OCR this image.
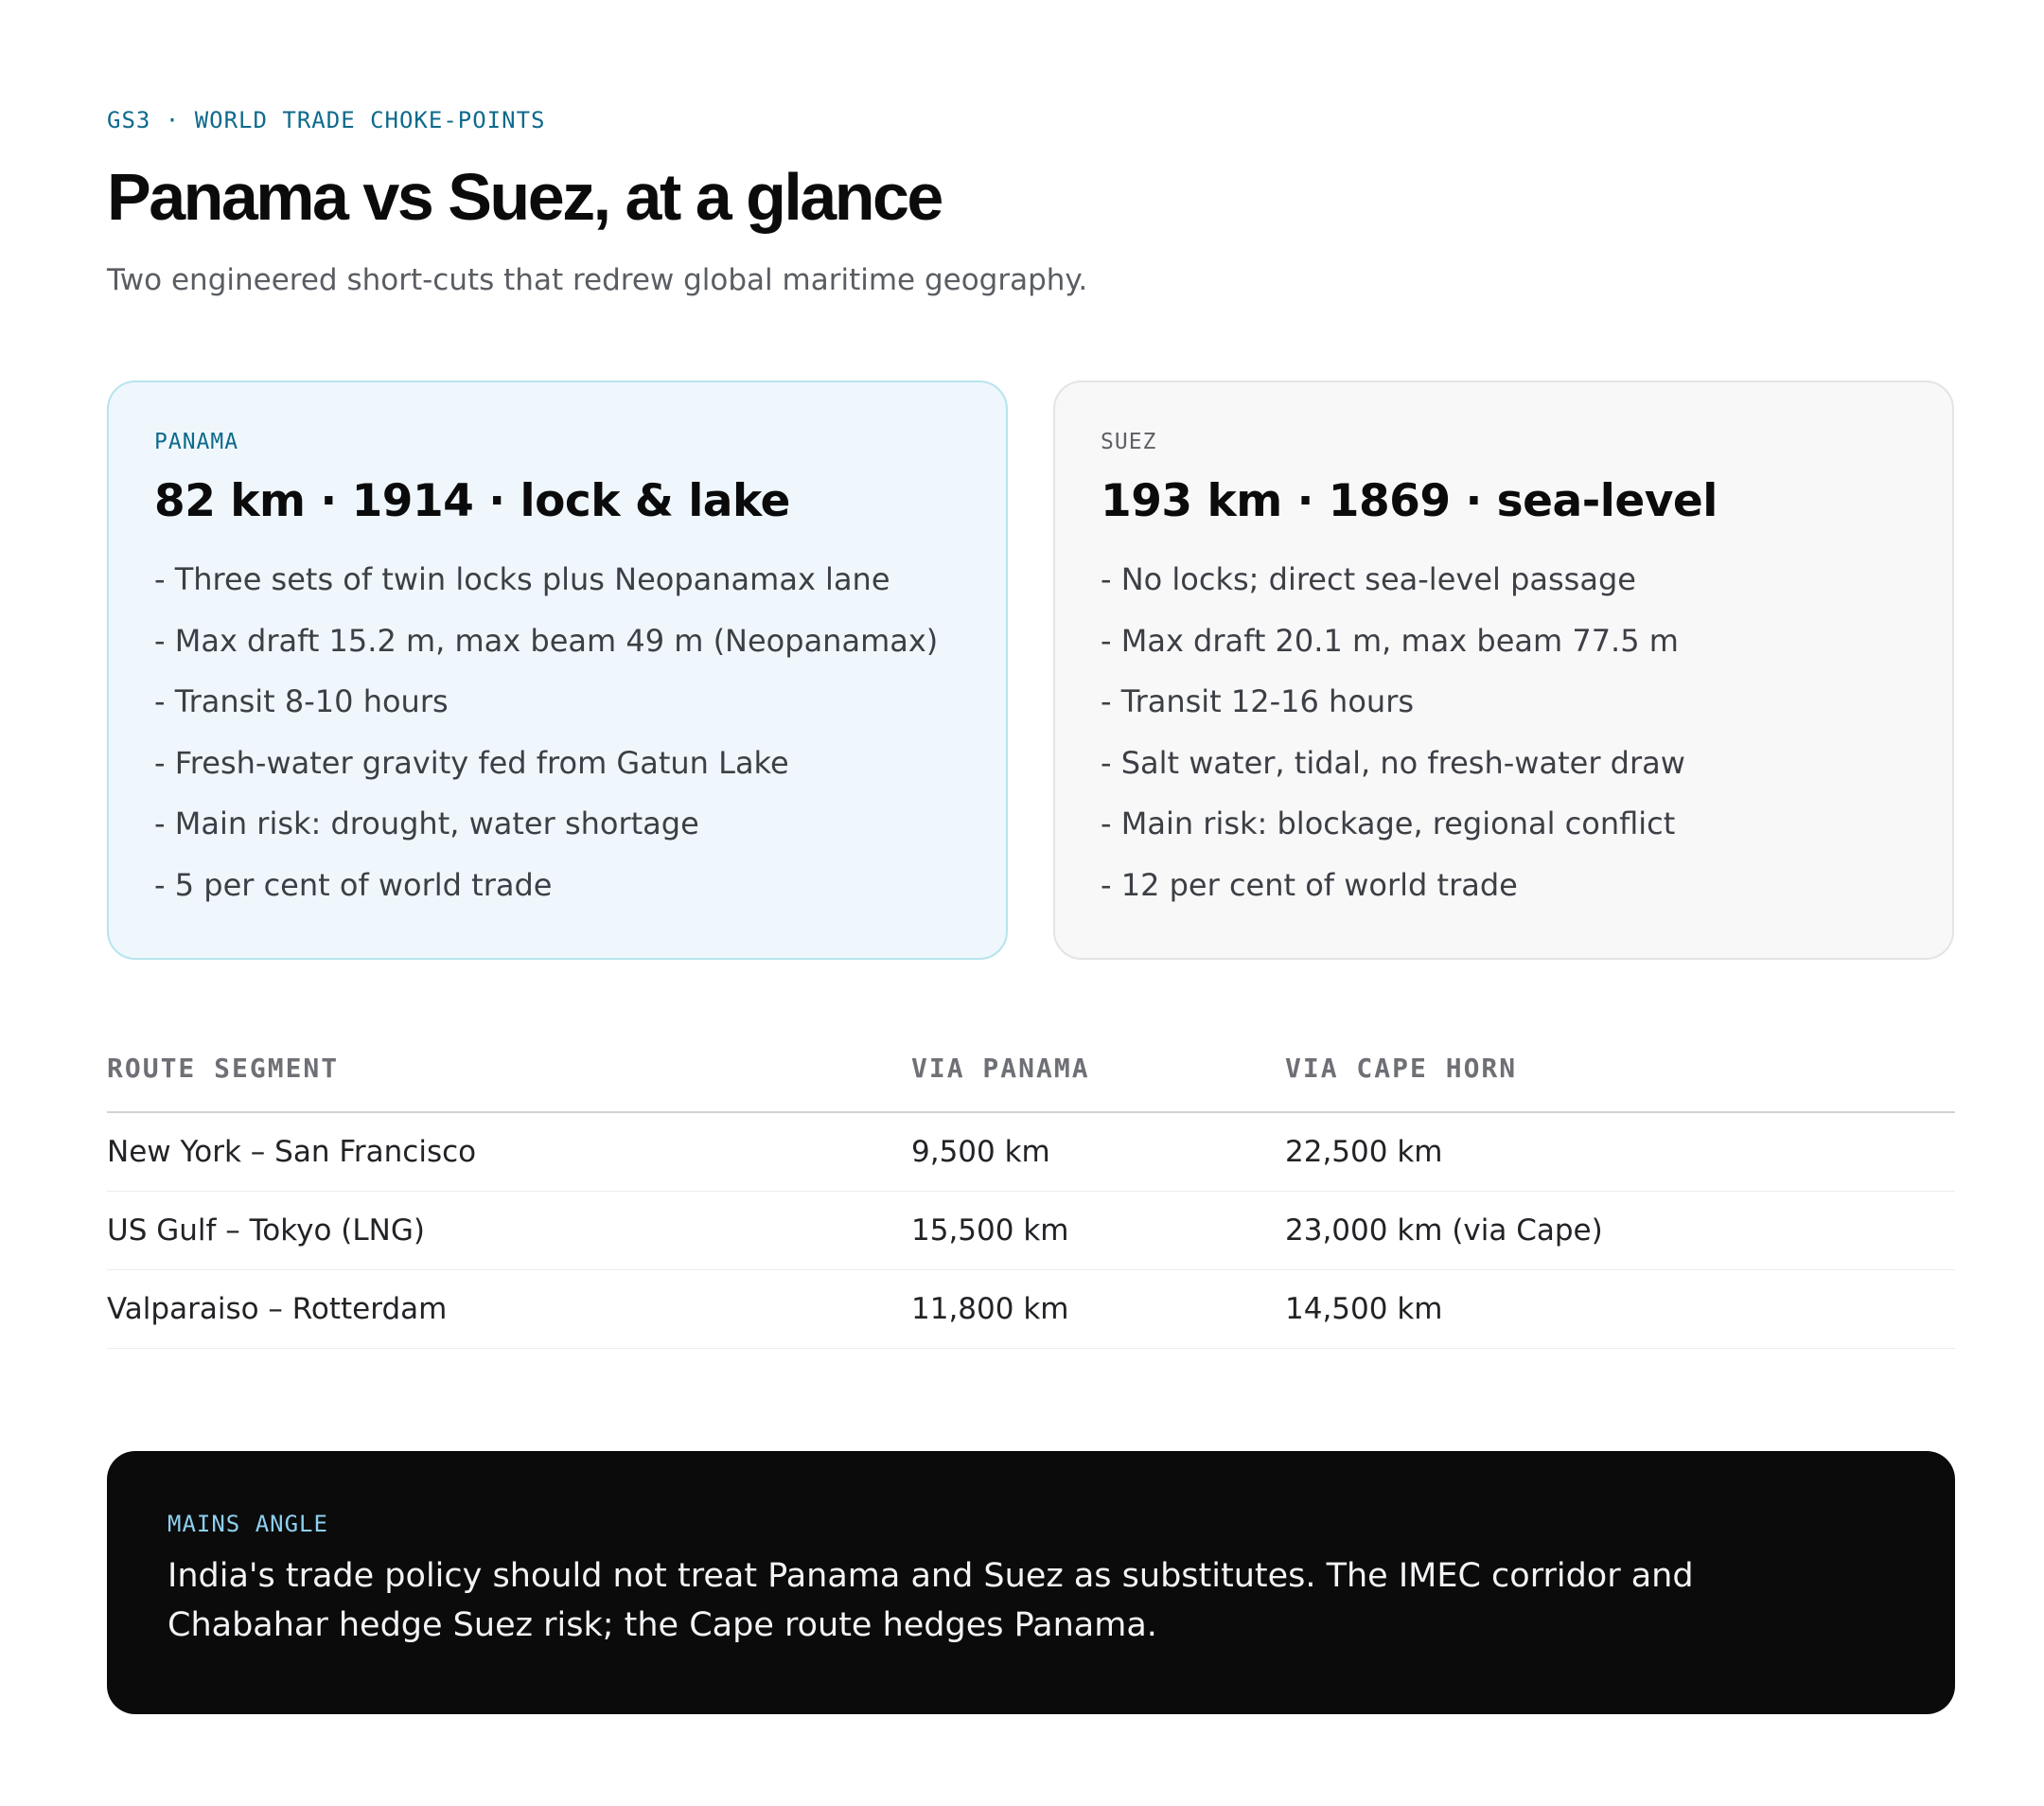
GS3 · WORLD TRADE CHOKE-POINTS
Panama vs Suez, at a glance
Two engineered short-cuts that redrew global maritime geography.
PANAMA
82 km · 1914 · lock & lake
- Three sets of twin locks plus Neopanamax lane
- Max draft 15.2 m, max beam 49 m (Neopanamax)
- Transit 8-10 hours
- Fresh-water gravity fed from Gatun Lake
- Main risk: drought, water shortage
- 5 per cent of world trade
SUEZ
193 km · 1869 · sea-level
- No locks; direct sea-level passage
- Max draft 20.1 m, max beam 77.5 m
- Transit 12-16 hours
- Salt water, tidal, no fresh-water draw
- Main risk: blockage, regional conflict
- 12 per cent of world trade
ROUTE SEGMENT	VIA PANAMA	VIA CAPE HORN
New York – San Francisco	9,500 km	22,500 km
US Gulf – Tokyo (LNG)	15,500 km	23,000 km (via Cape)
Valparaiso – Rotterdam	11,800 km	14,500 km
MAINS ANGLE
India's trade policy should not treat Panama and Suez as substitutes. The IMEC corridor and Chabahar hedge Suez risk; the Cape route hedges Panama.
